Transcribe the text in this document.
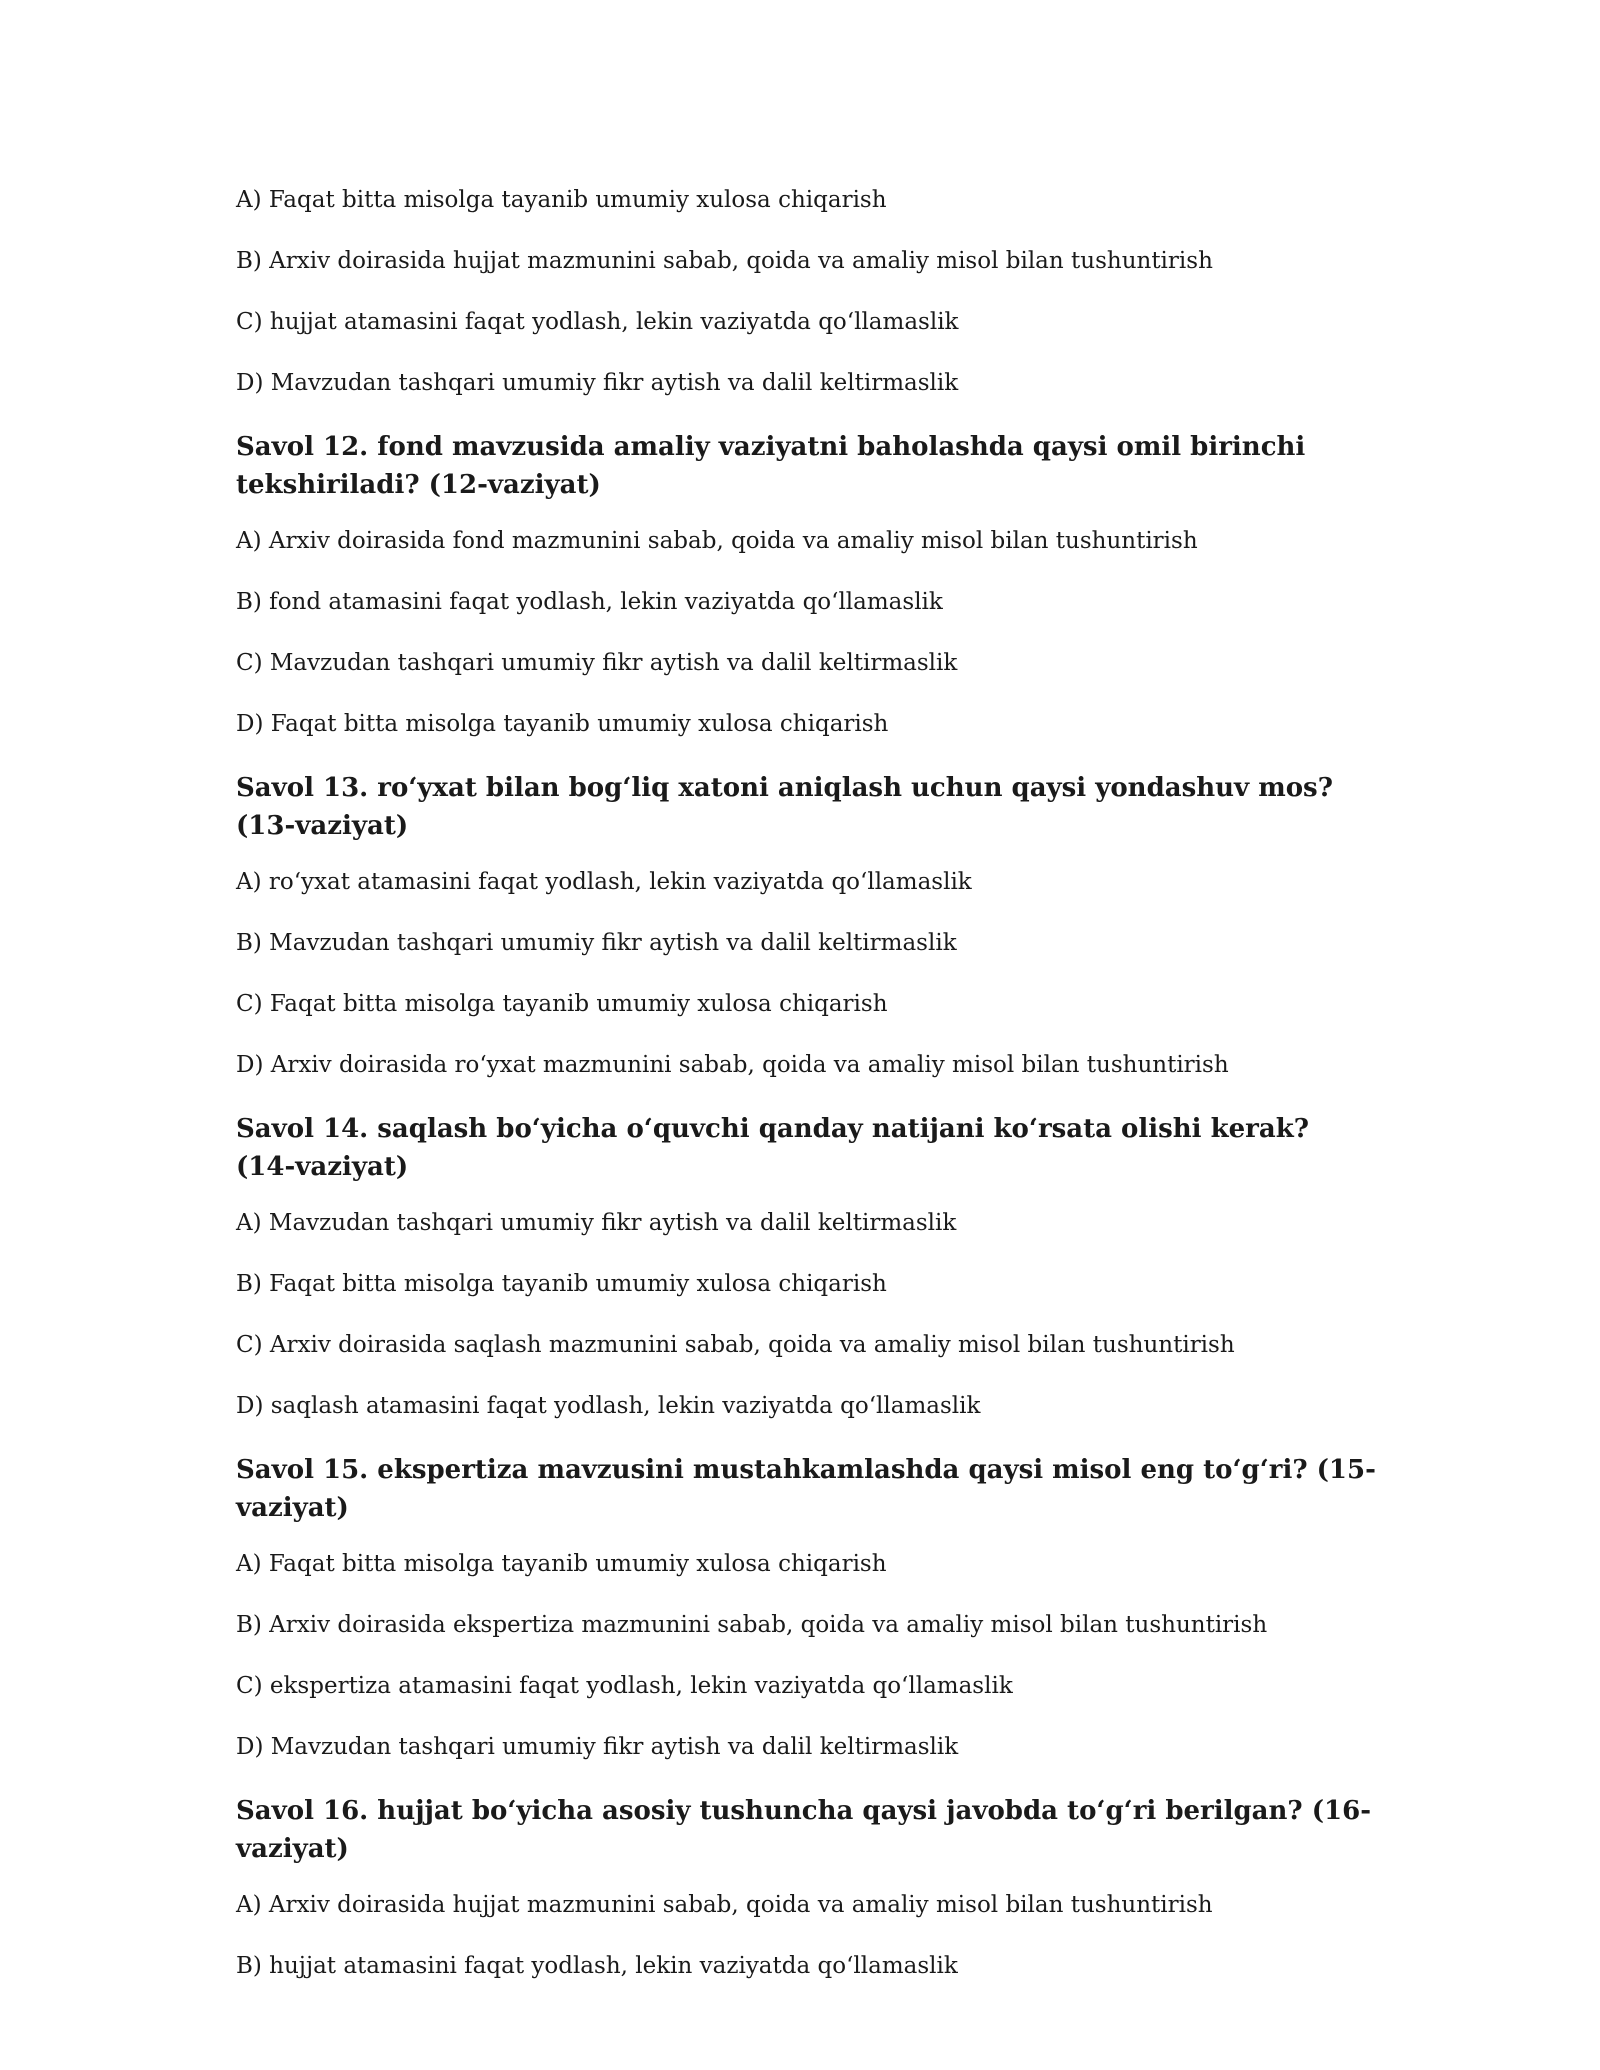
A) Faqat bitta misolga tayanib umumiy xulosa chiqarish

B) Arxiv doirasida hujjat mazmunini sabab, qoida va amaliy misol bilan tushuntirish

C) hujjat atamasini faqat yodlash, lekin vaziyatda qo‘llamaslik

D) Mavzudan tashqari umumiy fikr aytish va dalil keltirmaslik

Savol 12. fond mavzusida amaliy vaziyatni baholashda qaysi omil birinchi tekshiriladi? (12-vaziyat)

A) Arxiv doirasida fond mazmunini sabab, qoida va amaliy misol bilan tushuntirish

B) fond atamasini faqat yodlash, lekin vaziyatda qo‘llamaslik

C) Mavzudan tashqari umumiy fikr aytish va dalil keltirmaslik

D) Faqat bitta misolga tayanib umumiy xulosa chiqarish

Savol 13. ro‘yxat bilan bog‘liq xatoni aniqlash uchun qaysi yondashuv mos? (13-vaziyat)

A) ro‘yxat atamasini faqat yodlash, lekin vaziyatda qo‘llamaslik

B) Mavzudan tashqari umumiy fikr aytish va dalil keltirmaslik

C) Faqat bitta misolga tayanib umumiy xulosa chiqarish

D) Arxiv doirasida ro‘yxat mazmunini sabab, qoida va amaliy misol bilan tushuntirish

Savol 14. saqlash bo‘yicha o‘quvchi qanday natijani ko‘rsata olishi kerak? (14-vaziyat)

A) Mavzudan tashqari umumiy fikr aytish va dalil keltirmaslik

B) Faqat bitta misolga tayanib umumiy xulosa chiqarish

C) Arxiv doirasida saqlash mazmunini sabab, qoida va amaliy misol bilan tushuntirish

D) saqlash atamasini faqat yodlash, lekin vaziyatda qo‘llamaslik

Savol 15. ekspertiza mavzusini mustahkamlashda qaysi misol eng to‘g‘ri? (15-vaziyat)

A) Faqat bitta misolga tayanib umumiy xulosa chiqarish

B) Arxiv doirasida ekspertiza mazmunini sabab, qoida va amaliy misol bilan tushuntirish

C) ekspertiza atamasini faqat yodlash, lekin vaziyatda qo‘llamaslik

D) Mavzudan tashqari umumiy fikr aytish va dalil keltirmaslik

Savol 16. hujjat bo‘yicha asosiy tushuncha qaysi javobda to‘g‘ri berilgan? (16-vaziyat)

A) Arxiv doirasida hujjat mazmunini sabab, qoida va amaliy misol bilan tushuntirish

B) hujjat atamasini faqat yodlash, lekin vaziyatda qo‘llamaslik
